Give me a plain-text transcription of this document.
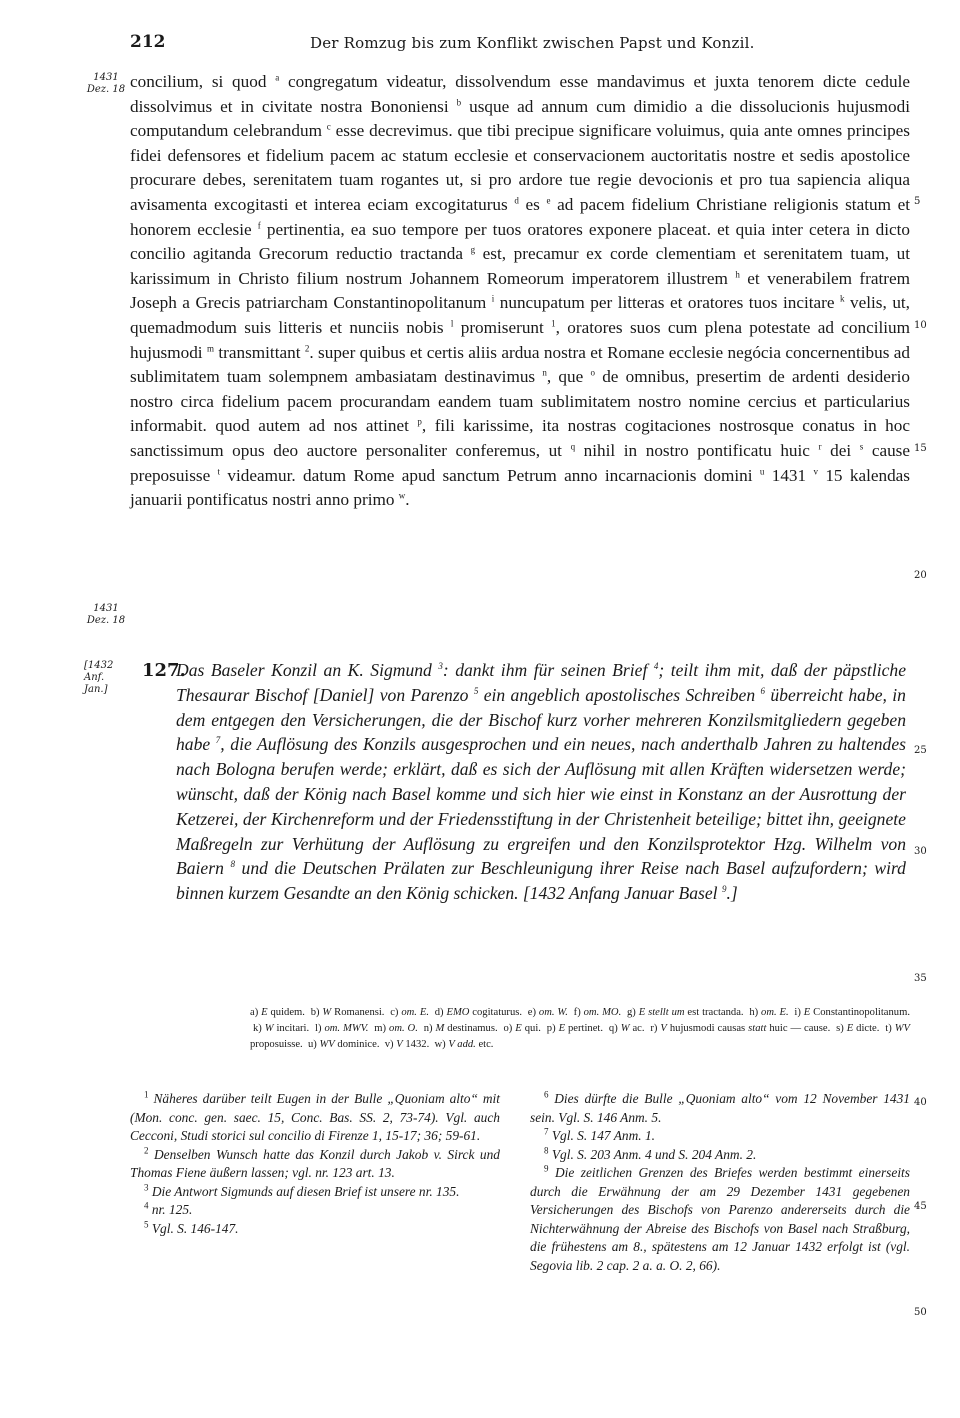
212	Der Romzug bis zum Konflikt zwischen Papst und Konzil.
1431
Dez. 18
1431
Dez. 18
[1432
Anf.
Jan.]
5
10
15
20
25
30
35
40
45
50
concilium, si quod $^a$ congregatum videatur, dissolvendum esse mandavimus et juxta tenorem dicte cedule dissolvimus et in civitate nostra Bononiensi $^b$ usque ad annum cum dimidio a die dissolucionis hujusmodi computandum celebrandum $^c$ esse decrevimus. que tibi precipue significare voluimus, quia ante omnes principes fidei defensores et fidelium pacem ac statum ecclesie et conservacionem auctoritatis nostre et sedis apostolice procurare debes, serenitatem tuam rogantes ut, si pro ardore tue regie devocionis et pro tua sapiencia aliqua avisamenta excogitasti et interea eciam excogitaturus $^d$ es $^e$ ad pacem fidelium Christiane religionis statum et honorem ecclesie $^f$ pertinentia, ea suo tempore per tuos oratores exponere placeat. et quia inter cetera in dicto concilio agitanda Grecorum reductio tractanda $^g$ est, precamur ex corde clementiam et serenitatem tuam, ut karissimum in Christo filium nostrum Johannem Romeorum imperatorem illustrem $^h$ et venerabilem fratrem Joseph a Grecis patriarcham Constantinopolitanum $^i$ nuncupatum per litteras et oratores tuos incitare $^k$ velis, ut, quemadmodum suis litteris et nunciis nobis $^l$ promiserunt $^1$, oratores suos cum plena potestate ad concilium hujusmodi $^m$ transmittant $^2$. super quibus et certis aliis ardua nostra et Romane ecclesie negócia concernentibus ad sublimitatem tuam solempnem ambasiatam destinavimus $^n$, que $^o$ de omnibus, presertim de ardenti desiderio nostro circa fidelium pacem procurandam eandem tuam sublimitatem nostro nomine cercius et particularius informabit. quod autem ad nos attinet $^p$, fili karissime, ita nostras cogitaciones nostrosque conatus in hoc sanctissimum opus deo auctore personaliter conferemus, ut $^q$ nihil in nostro pontificatu huic $^r$ dei $^s$ cause preposuisse $^t$ videamur. datum Rome apud sanctum Petrum anno incarnacionis domini $^u$ 1431 $^v$ 15 kalendas januarii pontificatus nostri anno primo $^w$.
127.
Das Baseler Konzil an K. Sigmund $^3$: dankt ihm für seinen Brief $^4$; teilt ihm mit, daß der päpstliche Thesaurar Bischof [Daniel] von Parenzo $^5$ ein angeblich apostolisches Schreiben $^6$ überreicht habe, in dem entgegen den Versicherungen, die der Bischof kurz vorher mehreren Konzilsmitgliedern gegeben habe $^7$, die Auflösung des Konzils ausgesprochen und ein neues, nach anderthalb Jahren zu haltendes nach Bologna berufen werde; erklärt, daß es sich der Auflösung mit allen Kräften widersetzen werde; wünscht, daß der König nach Basel komme und sich hier wie einst in Konstanz an der Ausrottung der Ketzerei, der Kirchenreform und der Friedensstiftung in der Christenheit beteilige; bittet ihn, geeignete Maßregeln zur Verhütung der Auflösung zu ergreifen und den Konzilsprotektor Hzg. Wilhelm von Baiern $^8$ und die Deutschen Prälaten zur Beschleunigung ihrer Reise nach Basel aufzufordern; wird binnen kurzem Gesandte an den König schicken. [1432 Anfang Januar Basel $^9$.]
a) E quidem.  b) W Romanensi.  c) om. E.  d) EMO cogitaturus.  e) om. W.  f) om. MO.  g) E stellt um est tractanda.  h) om. E.  i) E Constantinopolitanum.  k) W incitari.  l) om. MWV.  m) om. O.  n) M destinamus.  o) E qui.  p) E pertinet.  q) W ac.  r) V hujusmodi causas statt huic — cause.  s) E dicte.  t) WV proposuisse.  u) WV dominice.  v) V 1432.  w) V add. etc.

$^1$ Näheres darüber teilt Eugen in der Bulle „Quoniam alto“ mit (Mon. conc. gen. saec. 15, Conc. Bas. SS. 2, 73-74). Vgl. auch Cecconi, Studi storici sul concilio di Firenze 1, 15-17; 36; 59-61.

$^2$ Denselben Wunsch hatte das Konzil durch Jakob v. Sirck und Thomas Fiene äußern lassen; vgl. nr. 123 art. 13.

$^3$ Die Antwort Sigmunds auf diesen Brief ist unsere nr. 135.

$^4$ nr. 125.

$^5$ Vgl. S. 146-147.

$^6$ Dies dürfte die Bulle „Quoniam alto“ vom 12 November 1431 sein. Vgl. S. 146 Anm. 5.

$^7$ Vgl. S. 147 Anm. 1.

$^8$ Vgl. S. 203 Anm. 4 und S. 204 Anm. 2.

$^9$ Die zeitlichen Grenzen des Briefes werden bestimmt einerseits durch die Erwähnung der am 29 Dezember 1431 gegebenen Versicherungen des Bischofs von Parenzo andererseits durch die Nichterwähnung der Abreise des Bischofs von Basel nach Straßburg, die frühestens am 8., spätestens am 12 Januar 1432 erfolgt ist (vgl. Segovia lib. 2 cap. 2 a. a. O. 2, 66).
